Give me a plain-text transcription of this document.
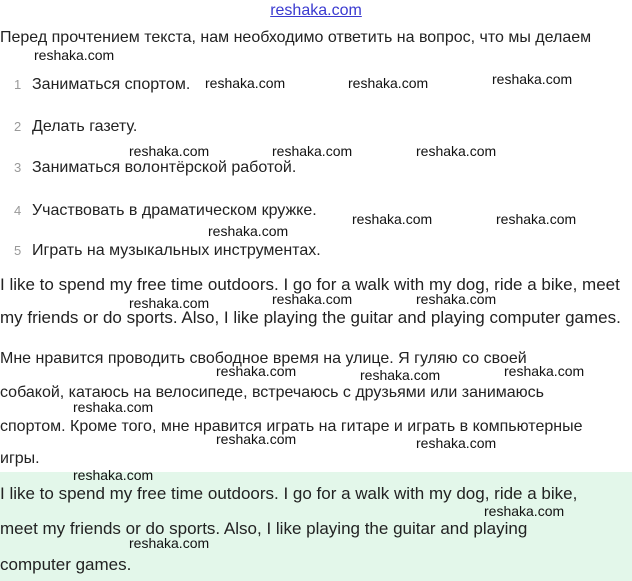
reshaka.com
Перед прочтением текста, нам необходимо ответить на вопрос, что мы делаем
1 Заниматься спортом.
2 Делать газету.
3 Заниматься волонтёрской работой.
4 Участвовать в драматическом кружке.
5 Играть на музыкальных инструментах.
I like to spend my free time outdoors. I go for a walk with my dog, ride a bike, meet
my friends or do sports. Also, I like playing the guitar and playing computer games.
Мне нравится проводить свободное время на улице. Я гуляю со своей
собакой, катаюсь на велосипеде, встречаюсь с друзьями или занимаюсь
спортом. Кроме того, мне нравится играть на гитаре и играть в компьютерные
игры.
I like to spend my free time outdoors. I go for a walk with my dog, ride a bike,
meet my friends or do sports. Also, I like playing the guitar and playing
computer games.
reshaka.com
reshaka.com	reshaka.com	reshaka.com
reshaka.com	reshaka.com	reshaka.com
reshaka.com	reshaka.com
reshaka.com
reshaka.com	reshaka.com	reshaka.com
reshaka.com	reshaka.com	reshaka.com
reshaka.com
reshaka.com	reshaka.com
reshaka.com
reshaka.com
reshaka.com
